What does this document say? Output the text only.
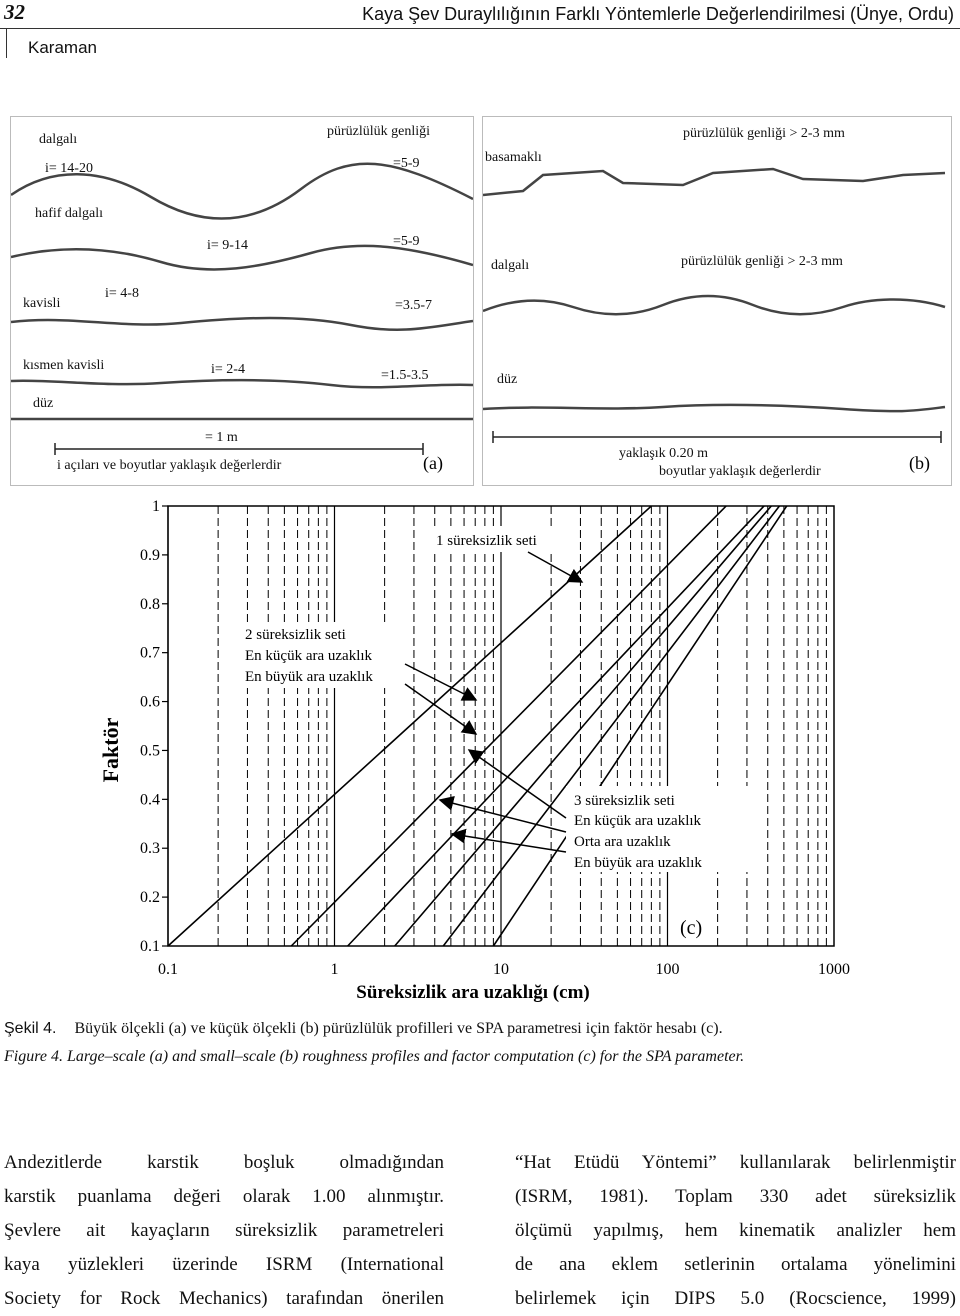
32	Kaya Şev Duraylılığının Farklı Yöntemlerle Değerlendirilmesi (Ünye, Ordu)
Karaman
dalgalı
i= 14-20
pürüzlülük genliği
=5-9
hafif dalgalı
i= 9-14	=5-9
kavisli
i= 4-8
=3.5-7
kısmen kavisli	i= 2-4	=1.5-3.5
düz
= 1 m
i açıları ve boyutlar yaklaşık değerlerdir	(a)
pürüzlülük genliği > 2-3 mm
basamaklı
dalgalı	pürüzlülük genliği > 2-3 mm
düz
yaklaşık 0.20 m
boyutlar yaklaşık değerlerdir	(b)
1
0.9
0.8
0.7
0.6
0.5
0.4
0.3
0.2
0.1
0.1	1	10	100	1000
Faktör
Süreksizlik ara uzaklığı (cm)
(c)
1 süreksizlik seti
2 süreksizlik seti
En küçük ara uzaklık
En büyük ara uzaklık
3 süreksizlik seti
En küçük ara uzaklık
Orta ara uzaklık
En büyük ara uzaklık
Şekil 4. Büyük ölçekli (a) ve küçük ölçekli (b) pürüzlülük profilleri ve SPA parametresi için faktör hesabı (c).
Figure 4. Large–scale (a) and small–scale (b) roughness profiles and factor computation (c) for the SPA parameter.
Andezitlerde karstik boşluk olmadığından
karstik puanlama değeri olarak 1.00 alınmıştır.
Şevlere ait kayaçların süreksizlik parametreleri
kaya yüzlekleri üzerinde ISRM (International
Society for Rock Mechanics) tarafından önerilen
“Hat Etüdü Yöntemi” kullanılarak belirlenmiştir
(ISRM, 1981). Toplam 330 adet süreksizlik
ölçümü yapılmış, hem kinematik analizler hem
de ana eklem setlerinin ortalama yönelimini
belirlemek için DIPS 5.0 (Rocscience, 1999)
